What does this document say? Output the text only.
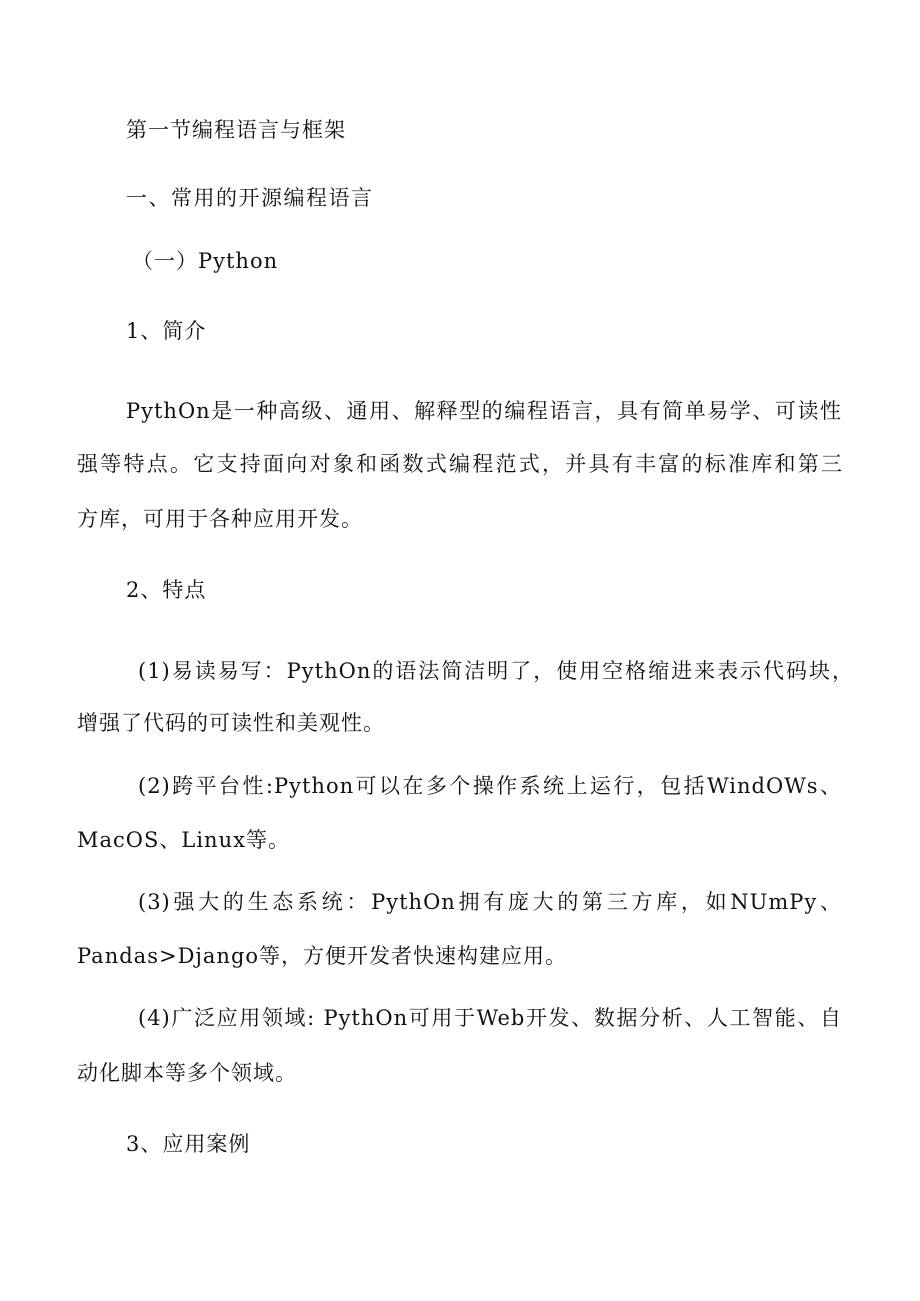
第一节编程语言与框架
一、常用的开源编程语言
（一）Python
1、简介
PythOn是一种高级、通用、解释型的编程语言，具有简单易学、可读性
强等特点。它支持面向对象和函数式编程范式，并具有丰富的标准库和第三
方库，可用于各种应用开发。
2、特点
(1)易读易写：PythOn的语法简洁明了，使用空格缩进来表示代码块，
增强了代码的可读性和美观性。
(2)跨平台性:Python可以在多个操作系统上运行，包括WindOWs、
MacOS、Linux等。
(3)强大的生态系统：PythOn拥有庞大的第三方库，如NUmPy、
Pandas>Django等，方便开发者快速构建应用。
(4)广泛应用领域: PythOn可用于Web开发、数据分析、人工智能、自
动化脚本等多个领域。
3、应用案例
